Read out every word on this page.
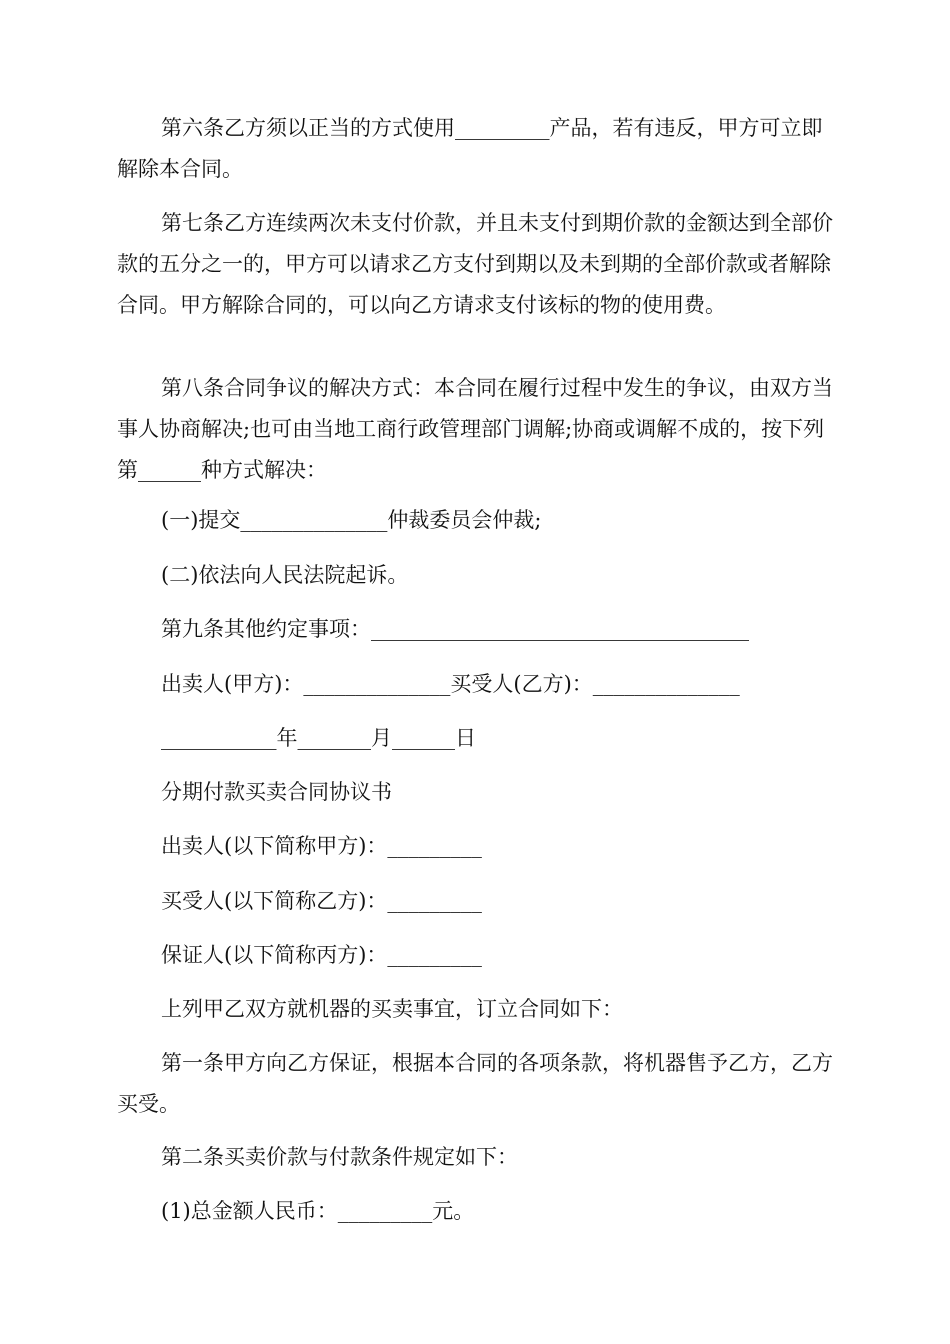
第六条乙方须以正当的方式使用_________产品，若有违反，甲方可立即解除本合同。

第七条乙方连续两次未支付价款，并且未支付到期价款的金额达到全部价款的五分之一的，甲方可以请求乙方支付到期以及未到期的全部价款或者解除合同。甲方解除合同的，可以向乙方请求支付该标的物的使用费。

第八条合同争议的解决方式：本合同在履行过程中发生的争议，由双方当事人协商解决;也可由当地工商行政管理部门调解;协商或调解不成的，按下列第______种方式解决：

(一)提交______________仲裁委员会仲裁;

(二)依法向人民法院起诉。

第九条其他约定事项：____________________________________

出卖人(甲方)：______________买受人(乙方)：______________

___________年_______月______日

分期付款买卖合同协议书

出卖人(以下简称甲方)：_________

买受人(以下简称乙方)：_________

保证人(以下简称丙方)：_________

上列甲乙双方就机器的买卖事宜，订立合同如下：

第一条甲方向乙方保证，根据本合同的各项条款，将机器售予乙方，乙方买受。

第二条买卖价款与付款条件规定如下：

(1)总金额人民币：_________元。
